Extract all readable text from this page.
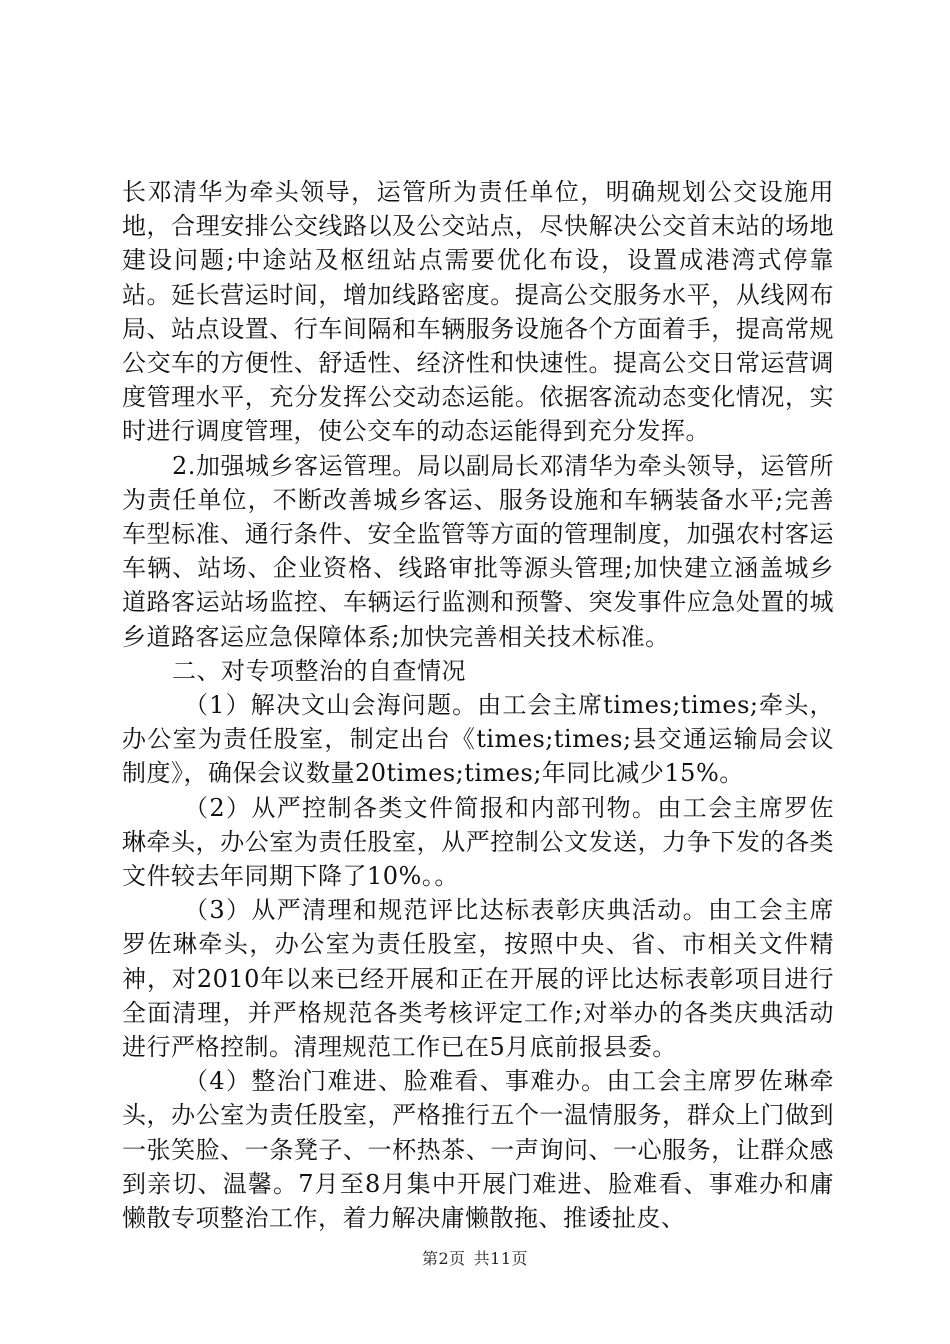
长邓清华为牵头领导，运管所为责任单位，明确规划公交设施用地，合理安排公交线路以及公交站点，尽快解决公交首末站的场地建设问题;中途站及枢纽站点需要优化布设，设置成港湾式停靠站。延长营运时间，增加线路密度。提高公交服务水平，从线网布局、站点设置、行车间隔和车辆服务设施各个方面着手，提高常规公交车的方便性、舒适性、经济性和快速性。提高公交日常运营调度管理水平，充分发挥公交动态运能。依据客流动态变化情况，实时进行调度管理，使公交车的动态运能得到充分发挥。

2.加强城乡客运管理。局以副局长邓清华为牵头领导，运管所为责任单位，不断改善城乡客运、服务设施和车辆装备水平;完善车型标准、通行条件、安全监管等方面的管理制度，加强农村客运车辆、站场、企业资格、线路审批等源头管理;加快建立涵盖城乡道路客运站场监控、车辆运行监测和预警、突发事件应急处置的城乡道路客运应急保障体系;加快完善相关技术标准。

二、对专项整治的自查情况

（1）解决文山会海问题。由工会主席times;times;牵头，办公室为责任股室，制定出台《times;times;县交通运输局会议制度》，确保会议数量20times;times;年同比减少15%。

（2）从严控制各类文件简报和内部刊物。由工会主席罗佐琳牵头，办公室为责任股室，从严控制公文发送，力争下发的各类文件较去年同期下降了10%。。

（3）从严清理和规范评比达标表彰庆典活动。由工会主席罗佐琳牵头，办公室为责任股室，按照中央、省、市相关文件精神，对2010年以来已经开展和正在开展的评比达标表彰项目进行全面清理，并严格规范各类考核评定工作;对举办的各类庆典活动进行严格控制。清理规范工作已在5月底前报县委。

（4）整治门难进、脸难看、事难办。由工会主席罗佐琳牵头，办公室为责任股室，严格推行五个一温情服务，群众上门做到一张笑脸、一条凳子、一杯热茶、一声询问、一心服务，让群众感到亲切、温馨。7月至8月集中开展门难进、脸难看、事难办和庸懒散专项整治工作，着力解决庸懒散拖、推诿扯皮、

第2页 共11页
